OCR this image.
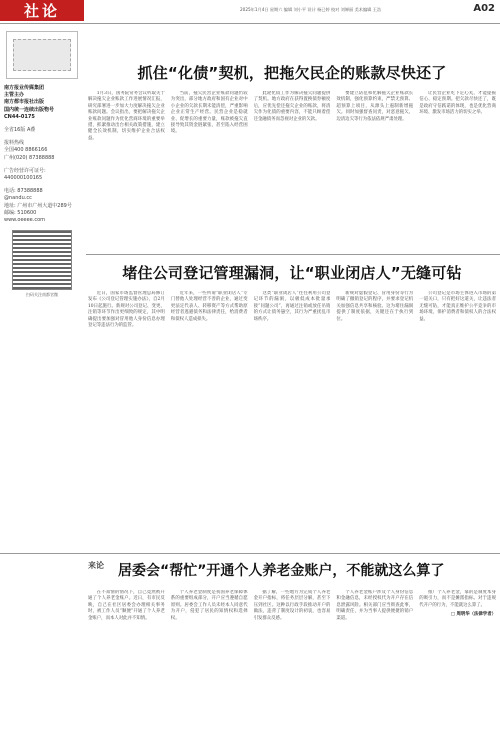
社论	2025年1月4日 星期六 编辑 刘小平 设计 杨已婷 校对 刘婵丽 美术编辑 王浩	A02
南方报业传媒集团
主管主办
南方都市报社出版
国内统一连续出版物号
CN44-0175
全省16版 A叠
报料热线
全国400 8866166
广州(020) 87388888
广告经营许可证号:
440000100165
电话: 87388888
@nandu.cc
地址: 广州市广州大道中289号
邮编: 510600
www.oeeee.com
扫码关注南都官微
抓住“化债”契机，把拖欠民企的账款尽快还了

1月3日，国务院常务会议听取关于解决拖欠企业账款工作进展情况汇报，研究部署进一步加大力度解决拖欠企业账款问题。会议指出，要把解决拖欠企业账款问题作为优化营商环境的重要举措，抓紧推动出台相关政策措施，建立健全长效机制，切实维护企业合法权益。

当前，拖欠民营企业账款问题仍较为突出，部分地方政府和国有企业对中小企业的欠款长期未能清偿，严重影响企业正常生产经营。民营企业是稳就业、促增长的重要力量，账款被拖欠直接导致其资金链紧张，甚至陷入经营困境。

此轮化债工作为解决拖欠问题提供了契机。地方政府在获得置换债券额度后，应优先偿还拖欠企业的账款，将清欠作为化债的重要内容，不能只顾着偿还金融债务而忽视对企业的欠款。

要建立防范和化解拖欠企业账款长效机制，强化预算约束，严禁无预算、超预算上项目，从源头上遏制新增拖欠。同时加强督查问责，对恶意拖欠、边清边欠等行为依法依规严肃处理。

让民营企业吃下定心丸，才能提振信心、稳定预期。把欠款尽快还了，既是政府守信践诺的体现，也是优化营商环境、激发市场活力的切实之举。

堵住公司登记管理漏洞，让“职业闭店人”无缝可钻

近日，国家市场监督管理总局修订发布《公司登记管理实施办法》，自2月10日起施行。新规对公司登记、变更、注销等环节作出更细致的规定，其中明确提出要加强对冒用他人身份信息办理登记等违法行为的监管。

近年来，一些所谓“职业闭店人”专门替他人处理经营不善的企业，通过变更法定代表人、转移资产等方式帮助原经营者逃避债务和法律责任，给消费者和债权人造成损失。

这类“职业闭店人”往往利用公司登记环节的漏洞，以极低成本批量承接“问题公司”，再通过注销或放任吊销的方式让债务悬空，其行为严重扰乱市场秩序。

新规对虚假登记、冒用身份等行为明确了撤销登记的程序，并要求登记机关加强信息共享和核验。这为堵住漏洞提供了制度依据，关键还在于执行到位。

公司登记是市场主体进入市场的第一道关口，只有把好这道关，让违法者无缝可钻，才能真正维护公平竞争的市场环境，保护消费者和债权人的合法权益。

来论 居委会“帮忙”开通个人养老金账户，不能就这么算了

在不知情的情况下，自己竟然被开通了个人养老金账户。近日，有市民反映，自己在社区居委会办理相关事务时，被工作人员“顺便”开通了个人养老金账户，而本人对此并不知情。

个人养老金制度是我国养老保障体系的重要组成部分，开户应当遵循自愿原则。居委会工作人员未经本人同意代为开户，侵犯了居民的知情权和选择权。

据了解，一些地方为完成个人养老金开户指标，将任务层层分解，甚至下压到社区。这种以行政手段推动开户的做法，违背了制度设计的初衷，也容易引发群众反感。

个人养老金账户涉及个人身份信息和金融信息，未经授权代为开户存在信息泄露风险。相关部门应当彻查此事，明确责任，并为当事人提供便捷的销户渠道。

推广个人养老金，靠的是制度本身的吸引力，而不是摊派指标。对于违规代开户的行为，不能就这么算了。

□ 周明华（法律学者）
